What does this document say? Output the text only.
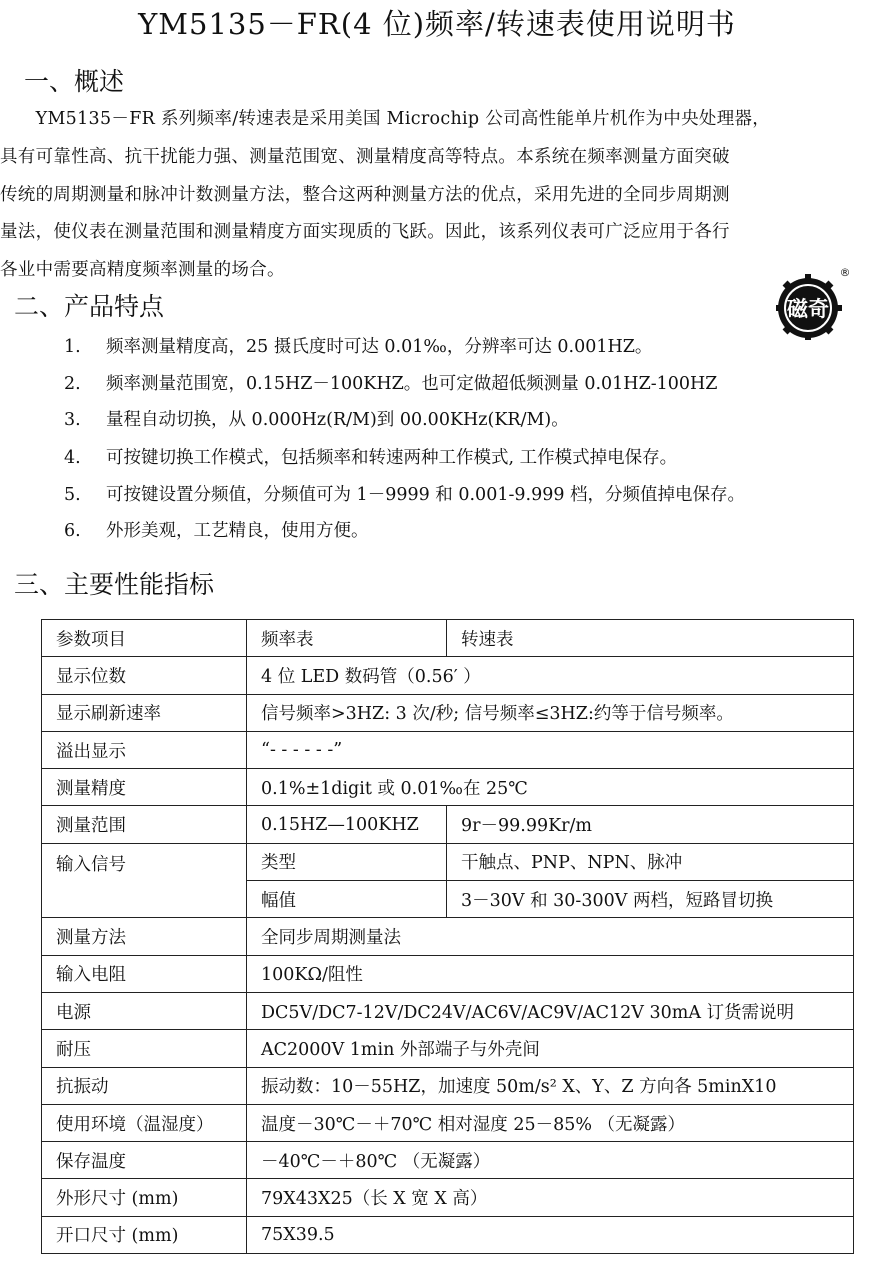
YM5135－FR(4 位)频率/转速表使用说明书
一、概述
　　YM5135－FR 系列频率/转速表是采用美国 Microchip 公司高性能单片机作为中央处理器，
具有可靠性高、抗干扰能力强、测量范围宽、测量精度高等特点。本系统在频率测量方面突破
传统的周期测量和脉冲计数测量方法，整合这两种测量方法的优点，采用先进的全同步周期测
量法，使仪表在测量范围和测量精度方面实现质的飞跃。因此，该系列仪表可广泛应用于各行
各业中需要高精度频率测量的场合。
二、产品特点	磁奇
®
1. 频率测量精度高，25 摄氏度时可达 0.01‰，分辨率可达 0.001HZ。
2. 频率测量范围宽，0.15HZ－100KHZ。也可定做超低频测量 0.01HZ-100HZ
3. 量程自动切换，从 0.000Hz(R/M)到 00.00KHz(KR/M)。
4. 可按键切换工作模式，包括频率和转速两种工作模式, 工作模式掉电保存。
5. 可按键设置分频值，分频值可为 1－9999 和 0.001-9.999 档，分频值掉电保存。
6. 外形美观，工艺精良，使用方便。
三、主要性能指标
参数项目	频率表	转速表
显示位数	4 位 LED 数码管（0.56′ ）	
显示刷新速率	信号频率>3HZ: 3 次/秒; 信号频率≤3HZ:约等于信号频率。	
溢出显示	“- - - - - -”	
测量精度	0.1%±1digit 或 0.01‰在 25℃	
测量范围	0.15HZ—100KHZ	9r－99.99Kr/m
输入信号	类型	干触点、PNP、NPN、脉冲
	幅值	3－30V 和 30-300V 两档，短路冒切换
测量方法	全同步周期测量法	
输入电阻	100KΩ/阻性	
电源	DC5V/DC7-12V/DC24V/AC6V/AC9V/AC12V 30mA 订货需说明	
耐压	AC2000V 1min 外部端子与外壳间	
抗振动	振动数：10－55HZ，加速度 50m/s² X、Y、Z 方向各 5minX10	
使用环境（温湿度）	温度－30℃－＋70℃ 相对湿度 25－85% （无凝露）	
保存温度	－40℃－＋80℃ （无凝露）	
外形尺寸 (mm)	79X43X25（长 X 宽 X 高）	
开口尺寸 (mm)	75X39.5	
